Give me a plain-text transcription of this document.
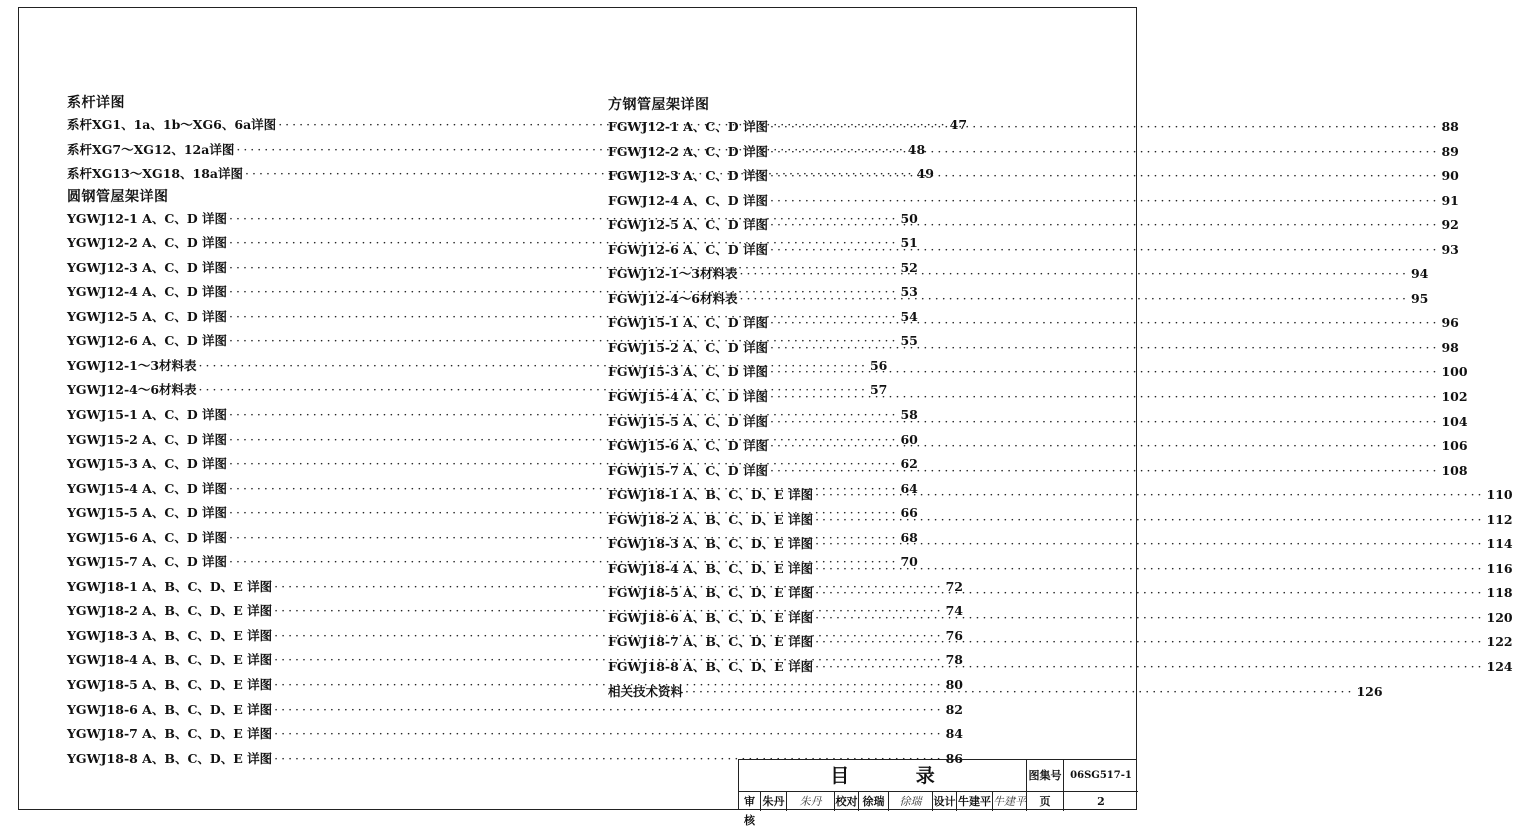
系杆详图
系杆XG1、1a、1b～XG6、6a详图 ·····	47
系杆XG7～XG12、12a详图 ·····	48
系杆XG13～XG18、18a详图 ·····	49
圆钢管屋架详图
YGWJ12-1 A、C、D 详图 ·····	50
YGWJ12-2 A、C、D 详图 ·····	51
YGWJ12-3 A、C、D 详图 ·····	52
YGWJ12-4 A、C、D 详图 ·····	53
YGWJ12-5 A、C、D 详图 ·····	54
YGWJ12-6 A、C、D 详图 ·····	55
YGWJ12-1～3材料表 ·····	56
YGWJ12-4～6材料表 ·····	57
YGWJ15-1 A、C、D 详图 ·····	58
YGWJ15-2 A、C、D 详图 ·····	60
YGWJ15-3 A、C、D 详图 ·····	62
YGWJ15-4 A、C、D 详图 ·····	64
YGWJ15-5 A、C、D 详图 ·····	66
YGWJ15-6 A、C、D 详图 ·····	68
YGWJ15-7 A、C、D 详图 ·····	70
YGWJ18-1 A、B、C、D、E 详图 ·····	72
YGWJ18-2 A、B、C、D、E 详图 ·····	74
YGWJ18-3 A、B、C、D、E 详图 ·····	76
YGWJ18-4 A、B、C、D、E 详图 ·····	78
YGWJ18-5 A、B、C、D、E 详图 ·····	80
YGWJ18-6 A、B、C、D、E 详图 ·····	82
YGWJ18-7 A、B、C、D、E 详图 ·····	84
YGWJ18-8 A、B、C、D、E 详图 ·····	86
方钢管屋架详图
FGWJ12-1 A、C、D 详图 ·····	88
FGWJ12-2 A、C、D 详图 ·····	89
FGWJ12-3 A、C、D 详图 ·····	90
FGWJ12-4 A、C、D 详图 ·····	91
FGWJ12-5 A、C、D 详图 ·····	92
FGWJ12-6 A、C、D 详图 ·····	93
FGWJ12-1～3材料表 ·····	94
FGWJ12-4～6材料表 ·····	95
FGWJ15-1 A、C、D 详图 ·····	96
FGWJ15-2 A、C、D 详图 ·····	98
FGWJ15-3 A、C、D 详图 ·····	100
FGWJ15-4 A、C、D 详图 ·····	102
FGWJ15-5 A、C、D 详图 ·····	104
FGWJ15-6 A、C、D 详图 ·····	106
FGWJ15-7 A、C、D 详图 ·····	108
FGWJ18-1 A、B、C、D、E 详图 ·····	110
FGWJ18-2 A、B、C、D、E 详图 ·····	112
FGWJ18-3 A、B、C、D、E 详图 ·····	114
FGWJ18-4 A、B、C、D、E 详图 ·····	116
FGWJ18-5 A、B、C、D、E 详图 ·····	118
FGWJ18-6 A、B、C、D、E 详图 ·····	120
FGWJ18-7 A、B、C、D、E 详图 ·····	122
FGWJ18-8 A、B、C、D、E 详图 ·····	124
相关技术资料 ·····	126
目 录	图集号 06SG517-1
页	2
审核
朱丹	朱丹	校对 徐瑞	徐瑞	设计 牛建平 牛建平
